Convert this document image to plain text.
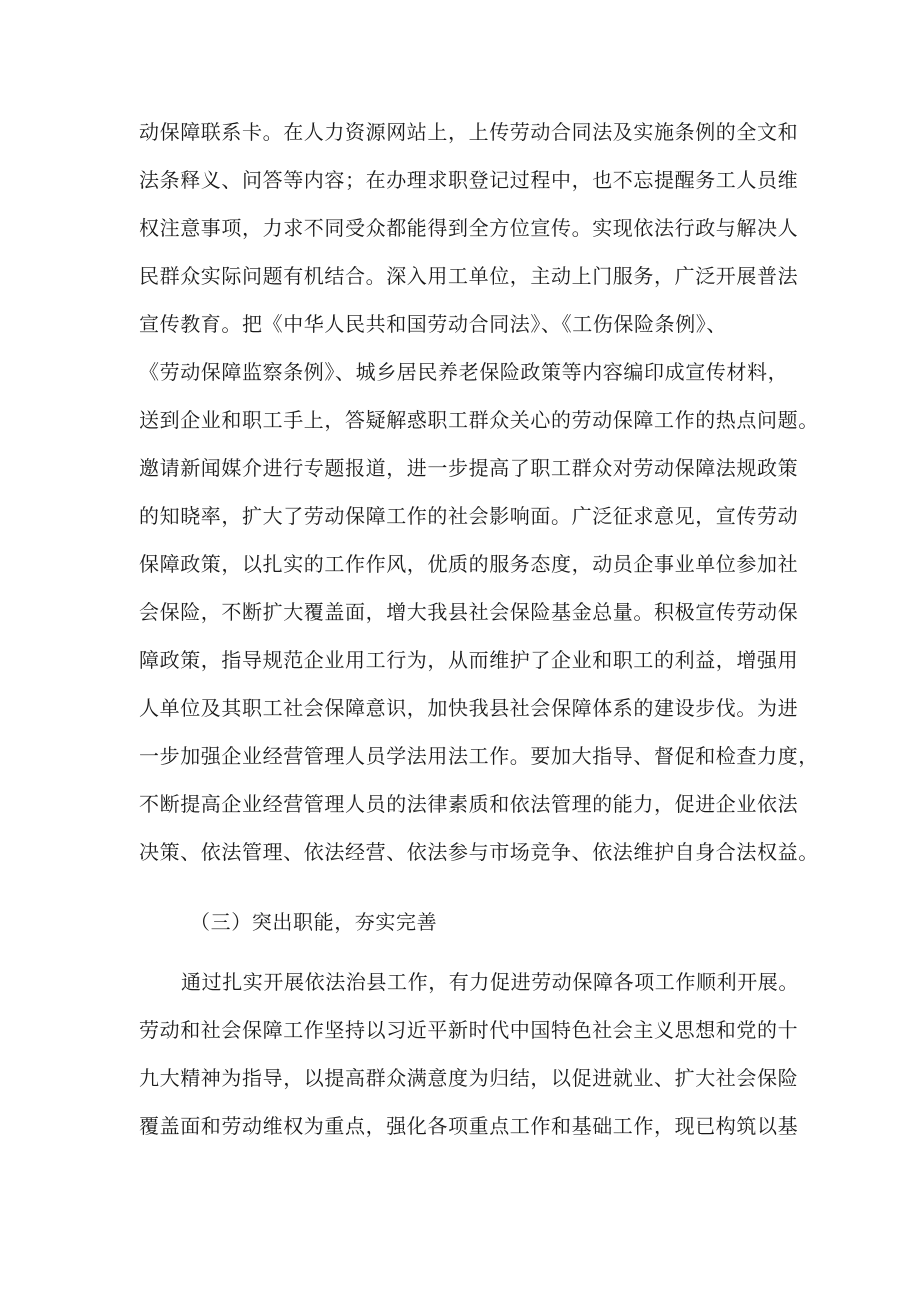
动保障联系卡。在人力资源网站上，上传劳动合同法及实施条例的全文和
法条释义、问答等内容；在办理求职登记过程中，也不忘提醒务工人员维
权注意事项，力求不同受众都能得到全方位宣传。实现依法行政与解决人
民群众实际问题有机结合。深入用工单位，主动上门服务，广泛开展普法
宣传教育。把《中华人民共和国劳动合同法》、《工伤保险条例》、
《劳动保障监察条例》、城乡居民养老保险政策等内容编印成宣传材料，
送到企业和职工手上，答疑解惑职工群众关心的劳动保障工作的热点问题。
邀请新闻媒介进行专题报道，进一步提高了职工群众对劳动保障法规政策
的知晓率，扩大了劳动保障工作的社会影响面。广泛征求意见，宣传劳动
保障政策，以扎实的工作作风，优质的服务态度，动员企事业单位参加社
会保险，不断扩大覆盖面，增大我县社会保险基金总量。积极宣传劳动保
障政策，指导规范企业用工行为，从而维护了企业和职工的利益，增强用
人单位及其职工社会保障意识，加快我县社会保障体系的建设步伐。为进
一步加强企业经营管理人员学法用法工作。要加大指导、督促和检查力度，
不断提高企业经营管理人员的法律素质和依法管理的能力，促进企业依法
决策、依法管理、依法经营、依法参与市场竞争、依法维护自身合法权益。
（三）突出职能，夯实完善
通过扎实开展依法治县工作，有力促进劳动保障各项工作顺利开展。
劳动和社会保障工作坚持以习近平新时代中国特色社会主义思想和党的十
九大精神为指导，以提高群众满意度为归结，以促进就业、扩大社会保险
覆盖面和劳动维权为重点，强化各项重点工作和基础工作，现已构筑以基
